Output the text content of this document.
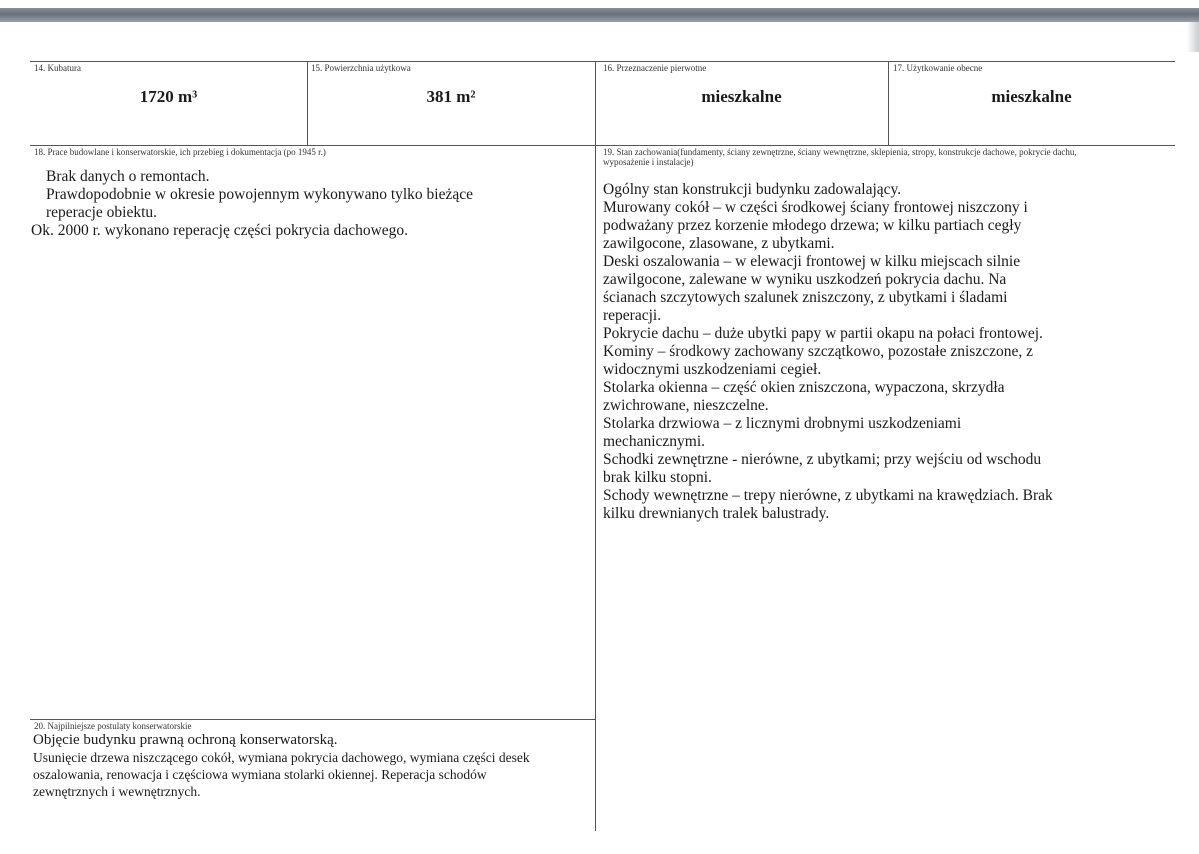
14. Kubatura
1720 m³
15. Powierzchnia użytkowa
381 m²
16. Przeznaczenie pierwotne
mieszkalne
17. Użytkowanie obecne
mieszkalne
18. Prace budowlane i konserwatorskie, ich przebieg i dokumentacja (po 1945 r.)

Brak danych o remontach.

Prawdopodobnie w okresie powojennym wykonywano tylko bieżące

reperacje obiektu.

Ok. 2000 r. wykonano reperację części pokrycia dachowego.

19. Stan zachowania(fundamenty, ściany zewnętrzne, ściany wewnętrzne, sklepienia, stropy, konstrukcje dachowe, pokrycie dachu,
wyposażenie i instalacje)

Ogólny stan konstrukcji budynku zadowalający.

Murowany cokół – w części środkowej ściany frontowej niszczony i

podważany przez korzenie młodego drzewa; w kilku partiach cegły

zawilgocone, zlasowane, z ubytkami.

Deski oszalowania – w elewacji frontowej w kilku miejscach silnie

zawilgocone, zalewane w wyniku uszkodzeń pokrycia dachu. Na

ścianach szczytowych szalunek zniszczony, z ubytkami i śladami

reperacji.

Pokrycie dachu – duże ubytki papy w partii okapu na połaci frontowej.

Kominy – środkowy zachowany szczątkowo, pozostałe zniszczone, z

widocznymi uszkodzeniami cegieł.

Stolarka okienna – część okien zniszczona, wypaczona, skrzydła

zwichrowane, nieszczelne.

Stolarka drzwiowa – z licznymi drobnymi uszkodzeniami

mechanicznymi.

Schodki zewnętrzne - nierówne, z ubytkami; przy wejściu od wschodu

brak kilku stopni.

Schody wewnętrzne – trepy nierówne, z ubytkami na krawędziach. Brak

kilku drewnianych tralek balustrady.

20. Najpilniejsze postulaty konserwatorskie

Objęcie budynku prawną ochroną konserwatorską.

Usunięcie drzewa niszczącego cokół, wymiana pokrycia dachowego, wymiana części desek

oszalowania, renowacja i częściowa wymiana stolarki okiennej. Reperacja schodów

zewnętrznych i wewnętrznych.
